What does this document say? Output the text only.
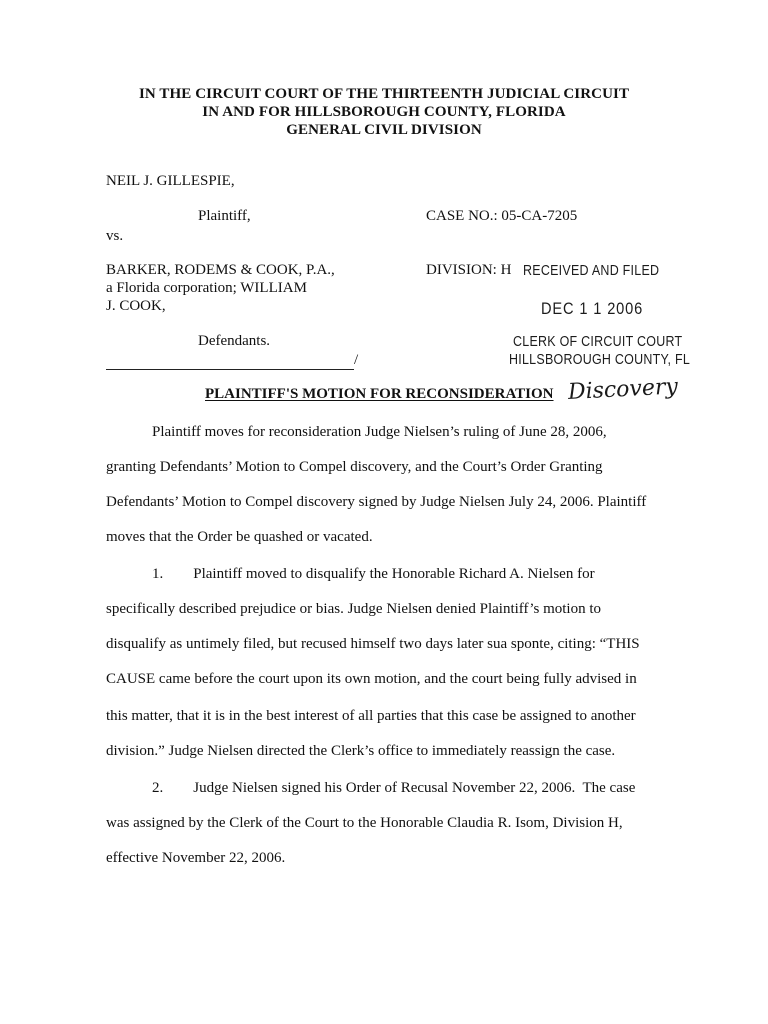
IN THE CIRCUIT COURT OF THE THIRTEENTH JUDICIAL CIRCUIT
IN AND FOR HILLSBOROUGH COUNTY, FLORIDA
GENERAL CIVIL DIVISION
NEIL J. GILLESPIE,
Plaintiff,	CASE NO.: 05-CA-7205
vs.
BARKER, RODEMS & COOK, P.A.,
a Florida corporation; WILLIAM
J. COOK,
DIVISION: H
Defendants.
/
RECEIVED AND FILED
DEC 1 1 2006
CLERK OF CIRCUIT COURT
HILLSBOROUGH COUNTY, FL
PLAINTIFF'S MOTION FOR RECONSIDERATION Discovery
Plaintiff moves for reconsideration Judge Nielsen’s ruling of June 28, 2006,
granting Defendants’ Motion to Compel discovery, and the Court’s Order Granting
Defendants’ Motion to Compel discovery signed by Judge Nielsen July 24, 2006. Plaintiff
moves that the Order be quashed or vacated.
1.        Plaintiff moved to disqualify the Honorable Richard A. Nielsen for
specifically described prejudice or bias. Judge Nielsen denied Plaintiff’s motion to
disqualify as untimely filed, but recused himself two days later sua sponte, citing: “THIS
CAUSE came before the court upon its own motion, and the court being fully advised in
this matter, that it is in the best interest of all parties that this case be assigned to another
division.” Judge Nielsen directed the Clerk’s office to immediately reassign the case.
2.        Judge Nielsen signed his Order of Recusal November 22, 2006.  The case
was assigned by the Clerk of the Court to the Honorable Claudia R. Isom, Division H,
effective November 22, 2006.
